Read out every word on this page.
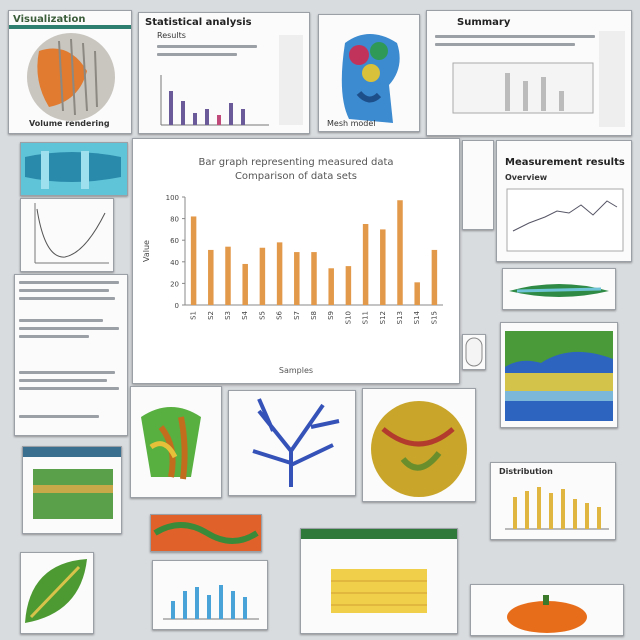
Visualization
Volume rendering
Statistical analysis
Results
Mesh model
Summary
Bar graph representing measured data
Comparison of data sets
0
20
40
60
80
100
Value
S1 S2 S3 S4 S5 S6 S7 S8 S9 S10 S11 S12 S13 S14 S15
Samples
Measurement results
Overview
Distribution
